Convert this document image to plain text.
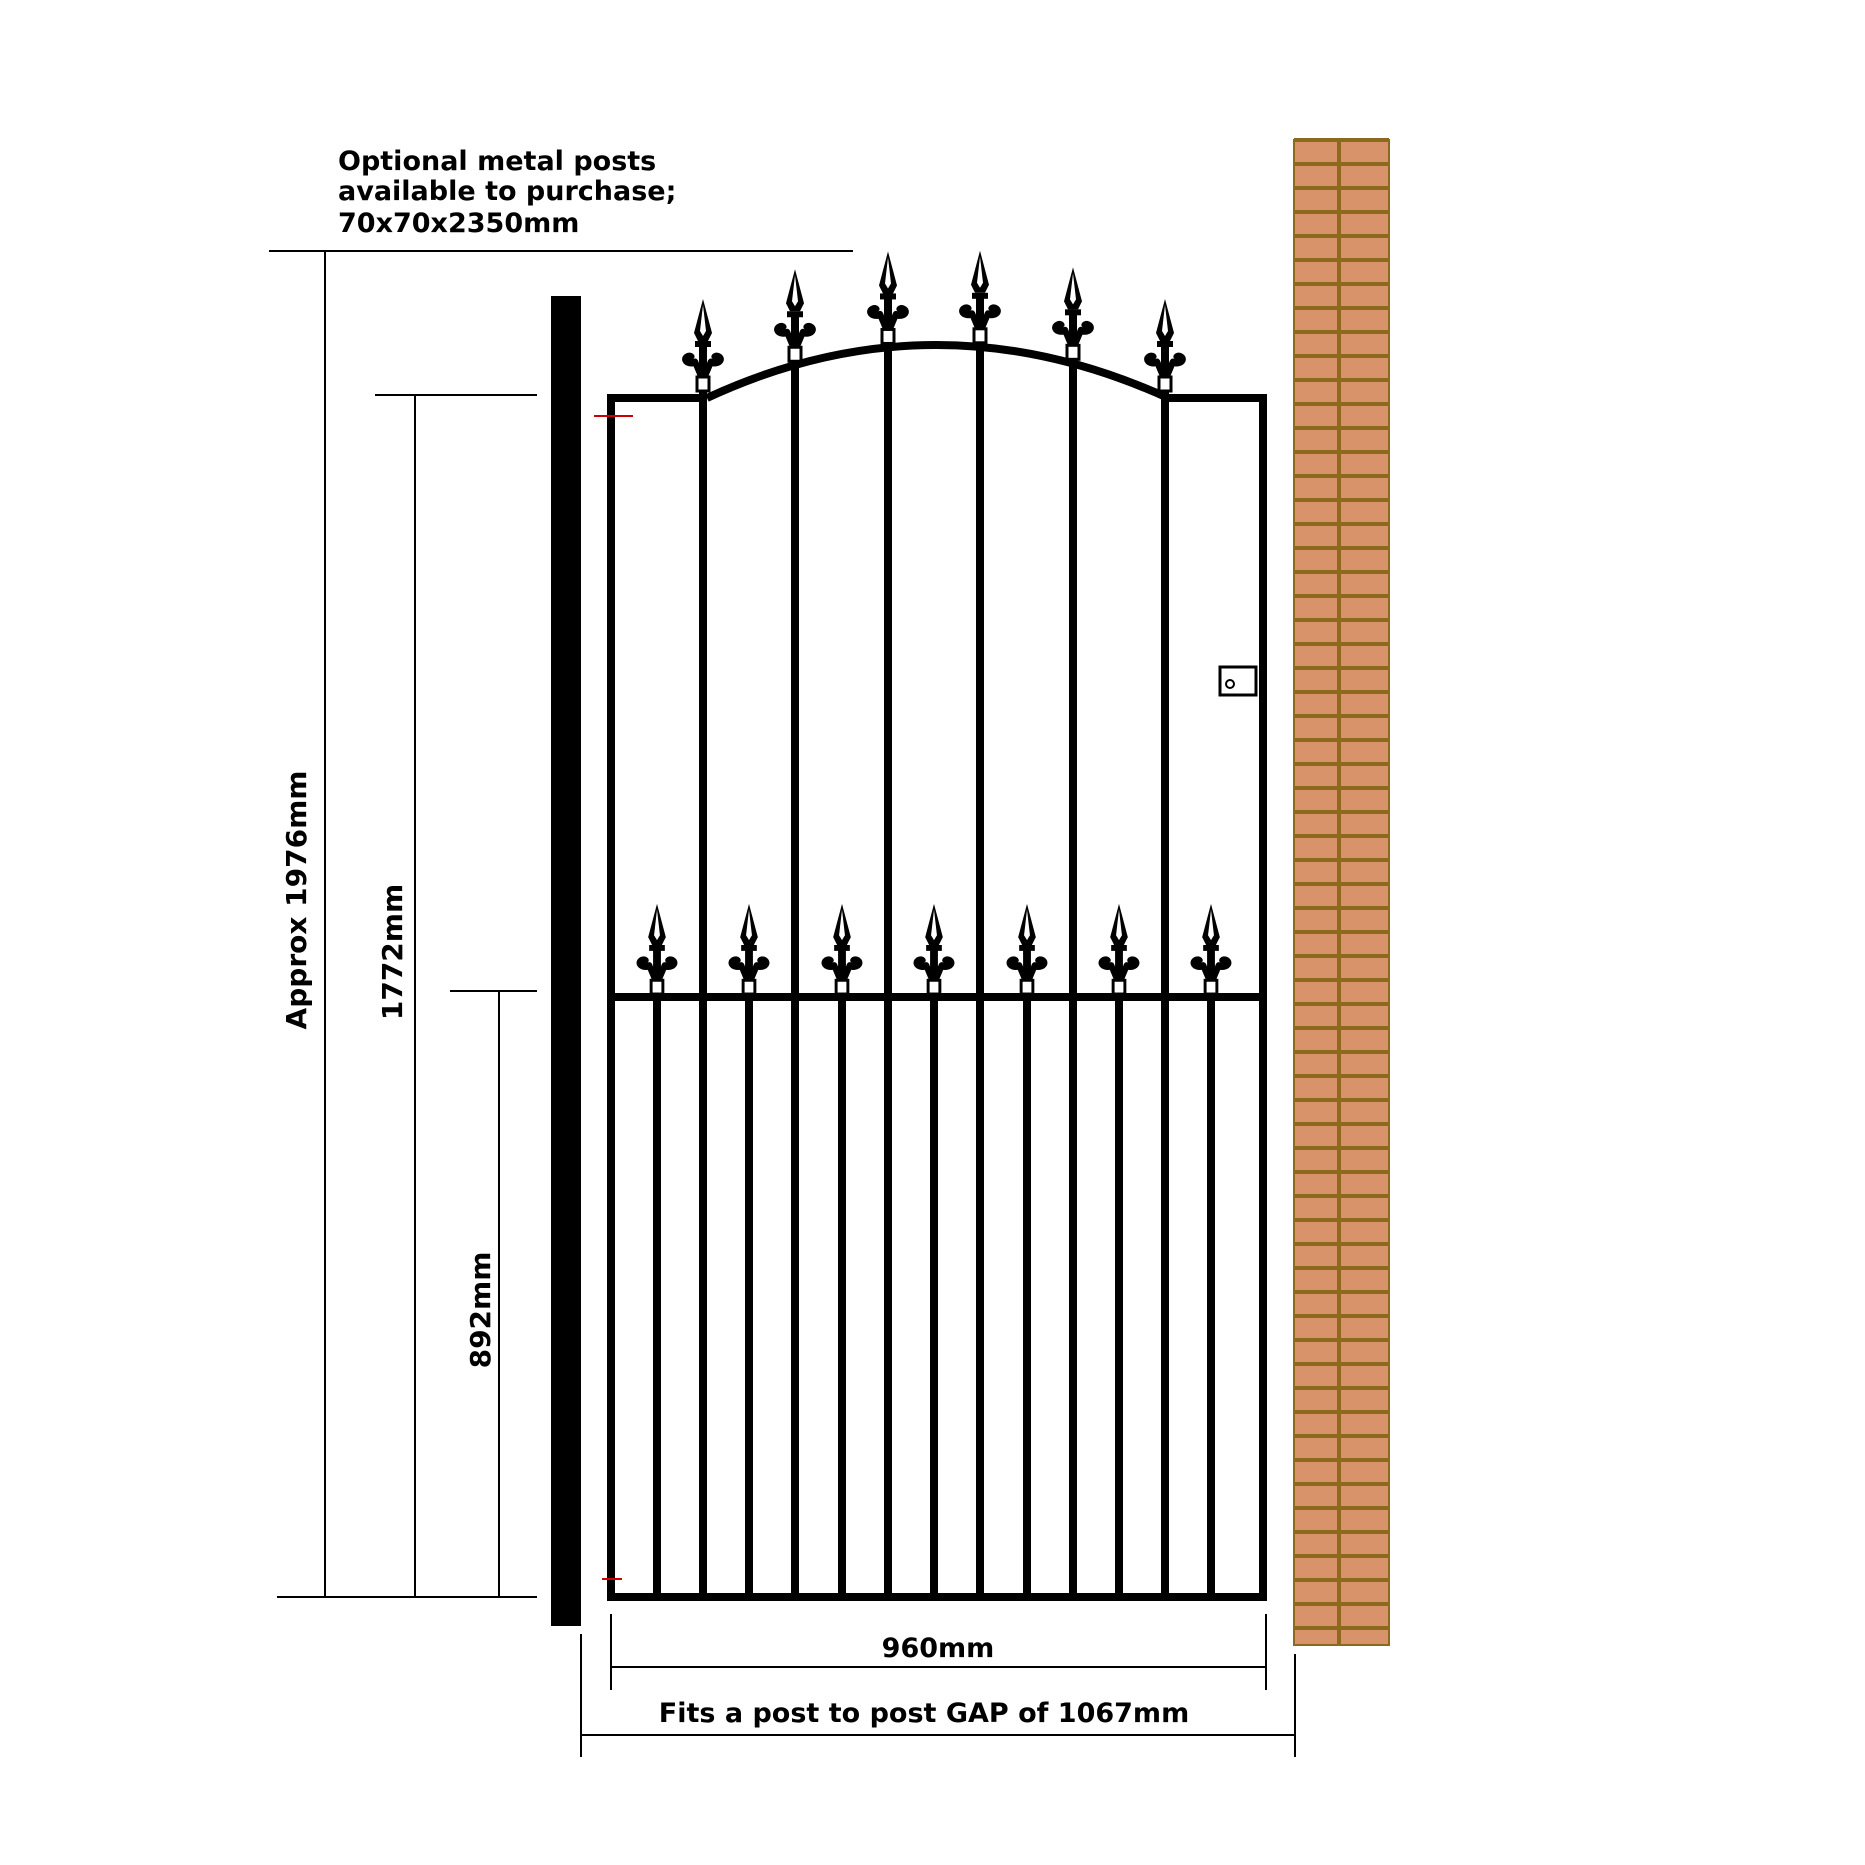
Optional metal posts
available to purchase;
70x70x2350mm
Approx 1976mm 1772mm
892mm
960mm
Fits a post to post GAP of 1067mm
